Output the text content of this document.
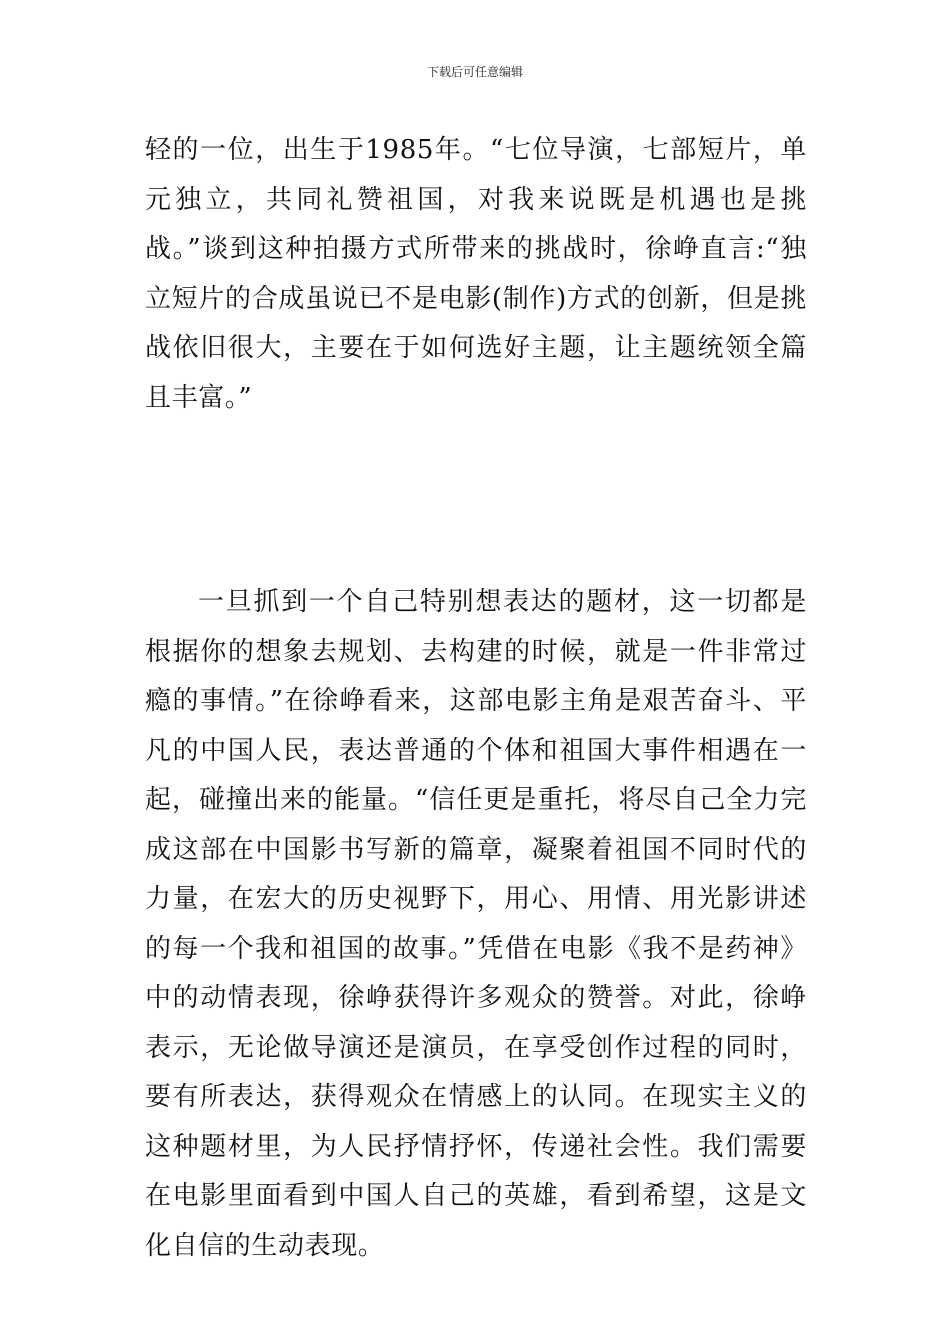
下载后可任意编辑

轻的一位，出生于1985年。“七位导演，七部短片，单元独立，共同礼赞祖国，对我来说既是机遇也是挑战。”谈到这种拍摄方式所带来的挑战时，徐峥直言:“独立短片的合成虽说已不是电影(制作)方式的创新，但是挑战依旧很大，主要在于如何选好主题，让主题统领全篇且丰富。”

一旦抓到一个自己特别想表达的题材，这一切都是根据你的想象去规划、去构建的时候，就是一件非常过瘾的事情。”在徐峥看来，这部电影主角是艰苦奋斗、平凡的中国人民，表达普通的个体和祖国大事件相遇在一起，碰撞出来的能量。“信任更是重托，将尽自己全力完成这部在中国影书写新的篇章，凝聚着祖国不同时代的力量，在宏大的历史视野下，用心、用情、用光影讲述的每一个我和祖国的故事。”凭借在电影《我不是药神》中的动情表现，徐峥获得许多观众的赞誉。对此，徐峥表示，无论做导演还是演员，在享受创作过程的同时，要有所表达，获得观众在情感上的认同。在现实主义的这种题材里，为人民抒情抒怀，传递社会性。我们需要在电影里面看到中国人自己的英雄，看到希望，这是文化自信的生动表现。
